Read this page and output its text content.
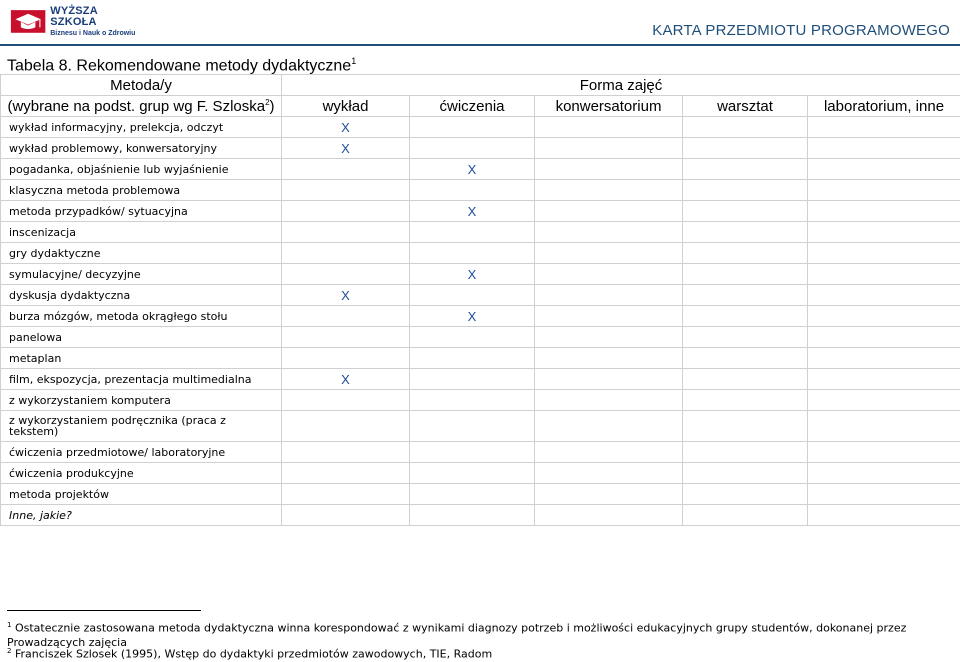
WYŻSZA SZKOŁA
Biznesu i Nauk o Zdrowiu	KARTA PRZEDMIOTU PROGRAMOWEGO
Tabela 8. Rekomendowane metody dydaktyczne$^1$
Metoda/y	Forma zajęć				
(wybrane na podst. grup wg F. Szloska$^2$)	wykład	ćwiczenia	konwersatorium	warsztat	laboratorium, inne
wykład informacyjny, prelekcja, odczyt	X				
wykład problemowy, konwersatoryjny	X				
pogadanka, objaśnienie lub wyjaśnienie		X			
klasyczna metoda problemowa					
metoda przypadków/ sytuacyjna		X			
inscenizacja					
gry dydaktyczne					
symulacyjne/ decyzyjne		X			
dyskusja dydaktyczna	X				
burza mózgów, metoda okrągłego stołu		X			
panelowa					
metaplan					
film, ekspozycja, prezentacja multimedialna	X				
z wykorzystaniem komputera					
z wykorzystaniem podręcznika (praca z tekstem)					
ćwiczenia przedmiotowe/ laboratoryjne					
ćwiczenia produkcyjne					
metoda projektów					
Inne, jakie?					
$^1$ Ostatecznie zastosowana metoda dydaktyczna winna korespondować z wynikami diagnozy potrzeb i możliwości edukacyjnych grupy studentów, dokonanej przez Prowadzących zajęcia
$^2$ Franciszek Szlosek (1995), Wstęp do dydaktyki przedmiotów zawodowych, TIE, Radom
